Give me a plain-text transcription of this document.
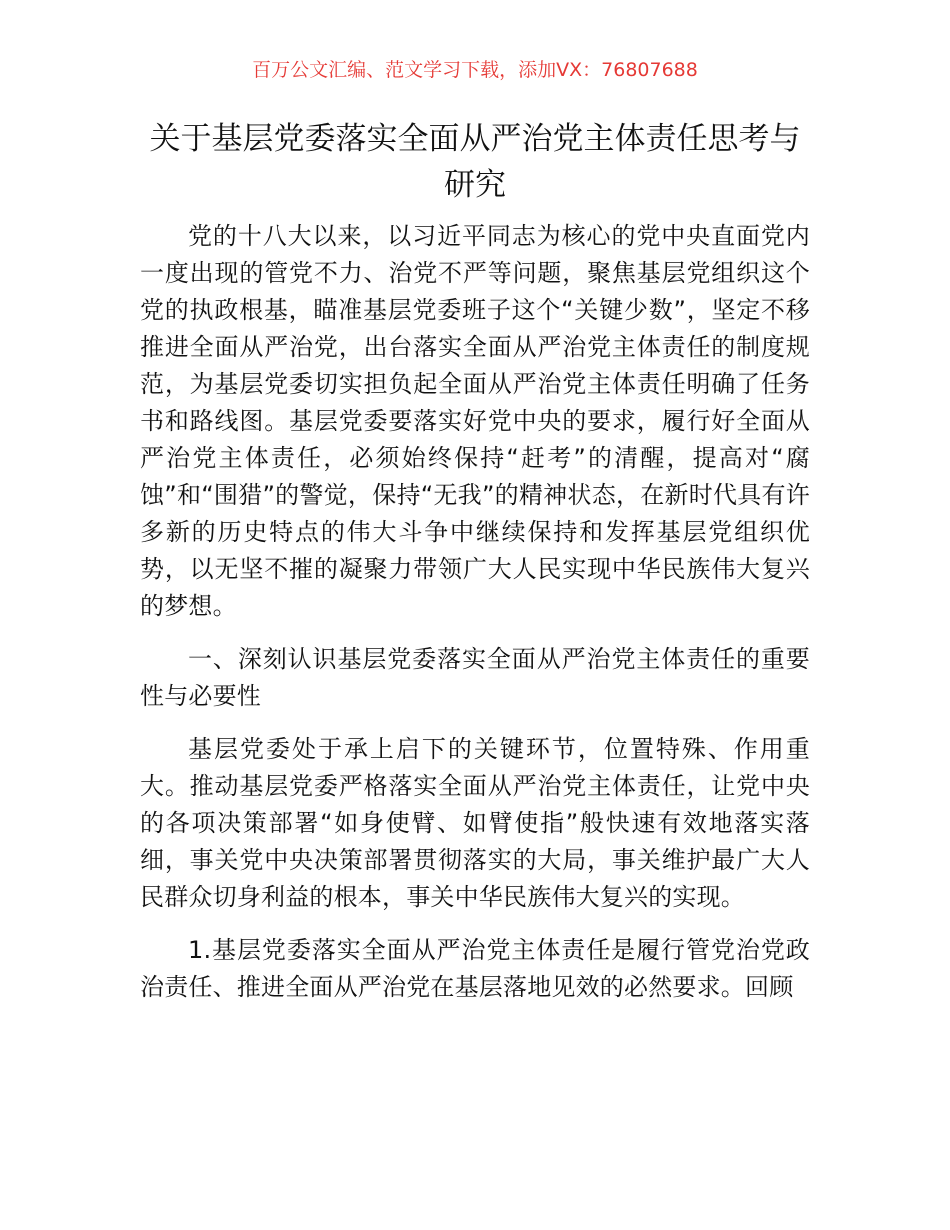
百万公文汇编、范文学习下载，添加VX：76807688
关于基层党委落实全面从严治党主体责任思考与研究

党的十八大以来，以习近平同志为核心的党中央直面党内一度出现的管党不力、治党不严等问题，聚焦基层党组织这个党的执政根基，瞄准基层党委班子这个“关键少数”，坚定不移推进全面从严治党，出台落实全面从严治党主体责任的制度规范，为基层党委切实担负起全面从严治党主体责任明确了任务书和路线图。基层党委要落实好党中央的要求，履行好全面从严治党主体责任，必须始终保持“赶考”的清醒，提高对“腐蚀”和“围猎”的警觉，保持“无我”的精神状态，在新时代具有许多新的历史特点的伟大斗争中继续保持和发挥基层党组织优势，以无坚不摧的凝聚力带领广大人民实现中华民族伟大复兴的梦想。

一、深刻认识基层党委落实全面从严治党主体责任的重要性与必要性

基层党委处于承上启下的关键环节，位置特殊、作用重大。推动基层党委严格落实全面从严治党主体责任，让党中央的各项决策部署“如身使臂、如臂使指”般快速有效地落实落细，事关党中央决策部署贯彻落实的大局，事关维护最广大人民群众切身利益的根本，事关中华民族伟大复兴的实现。

1.基层党委落实全面从严治党主体责任是履行管党治党政治责任、推进全面从严治党在基层落地见效的必然要求。回顾
